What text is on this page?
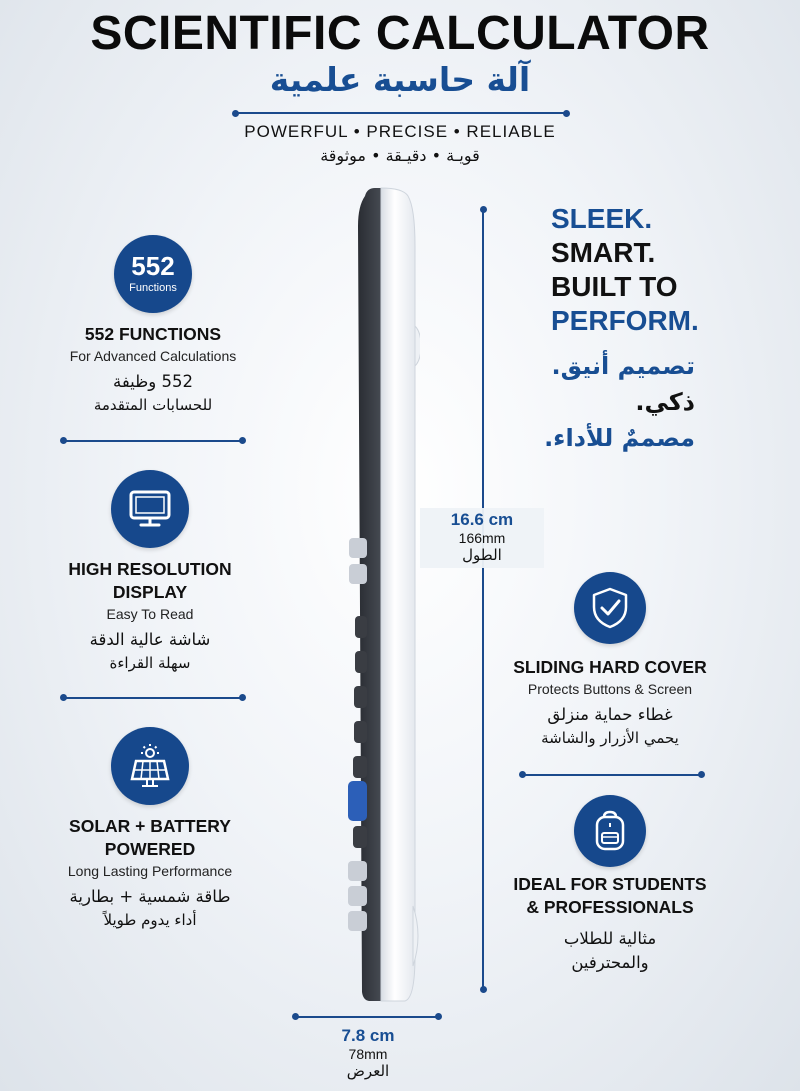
SCIENTIFIC CALCULATOR
آلة حاسبة علمية
POWERFUL • PRECISE • RELIABLE
قويـة • دقيـقة • موثوقة
552
Functions
552 FUNCTIONS
For Advanced Calculations
552 وظيفة
للحسابات المتقدمة
HIGH RESOLUTION
DISPLAY
Easy To Read
شاشة عالية الدقة
سهلة القراءة
SOLAR + BATTERY
POWERED
Long Lasting Performance
طاقة شمسية + بطارية
أداء يدوم طويلاً
16.6 cm
166mm
الطول
7.8 cm
78mm
العرض
SLEEK.
SMART.
BUILT TO
PERFORM.
تصميم أنيق.
ذكي.
مصممٌ للأداء.
SLIDING HARD COVER
Protects Buttons & Screen
غطاء حماية منزلق
يحمي الأزرار والشاشة
IDEAL FOR STUDENTS
& PROFESSIONALS
مثالية للطلاب
والمحترفين
